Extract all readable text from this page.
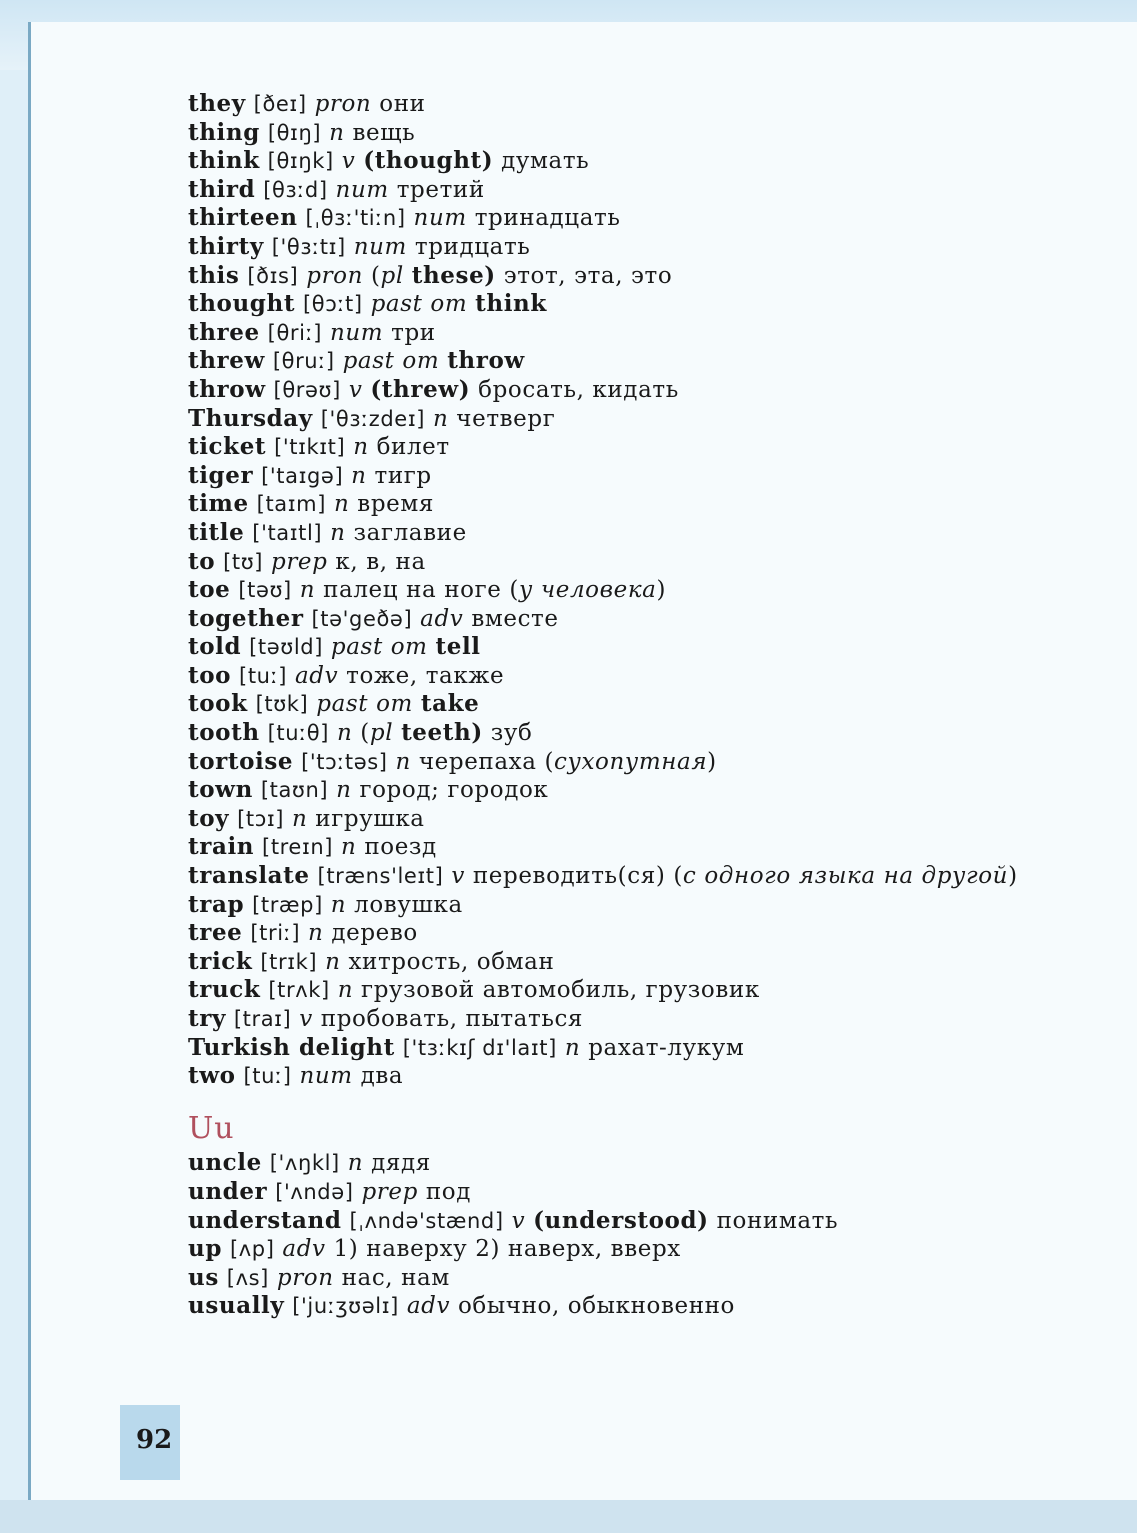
they [ðeɪ] pron они
thing [θɪŋ] n вещь
think [θɪŋk] v (thought) думать
third [θɜːd] num третий
thirteen [ˌθɜː'tiːn] num тринадцать
thirty ['θɜːtɪ] num тридцать
this [ðɪs] pron (pl these) этот, эта, это
thought [θɔːt] past от think
three [θriː] num три
threw [θruː] past от throw
throw [θrəʊ] v (threw) бросать, кидать
Thursday ['θɜːzdeɪ] n четверг
ticket ['tɪkɪt] n билет
tiger ['taɪgə] n тигр
time [taɪm] n время
title ['taɪtl] n заглавие
to [tʊ] prep к, в, на
toe [təʊ] n палец на ноге (у человека)
together [tə'geðə] adv вместе
told [təʊld] past от tell
too [tuː] adv тоже, также
took [tʊk] past от take
tooth [tuːθ] n (pl teeth) зуб
tortoise ['tɔːtəs] n черепаха (сухопутная)
town [taʊn] n город; городок
toy [tɔɪ] n игрушка
train [treɪn] n поезд
translate [træns'leɪt] v переводить(ся) (с одного языка на другой)
trap [træp] n ловушка
tree [triː] n дерево
trick [trɪk] n хитрость, обман
truck [trʌk] n грузовой автомобиль, грузовик
try [traɪ] v пробовать, пытаться
Turkish delight ['tɜːkɪʃ dɪ'laɪt] n рахат-лукум
two [tuː] num два
Uu
uncle ['ʌŋkl] n дядя
under ['ʌndə] prep под
understand [ˌʌndə'stænd] v (understood) понимать
up [ʌp] adv 1) наверху 2) наверх, вверх
us [ʌs] pron нас, нам
usually ['juːʒʊəlɪ] adv обычно, обыкновенно
92
